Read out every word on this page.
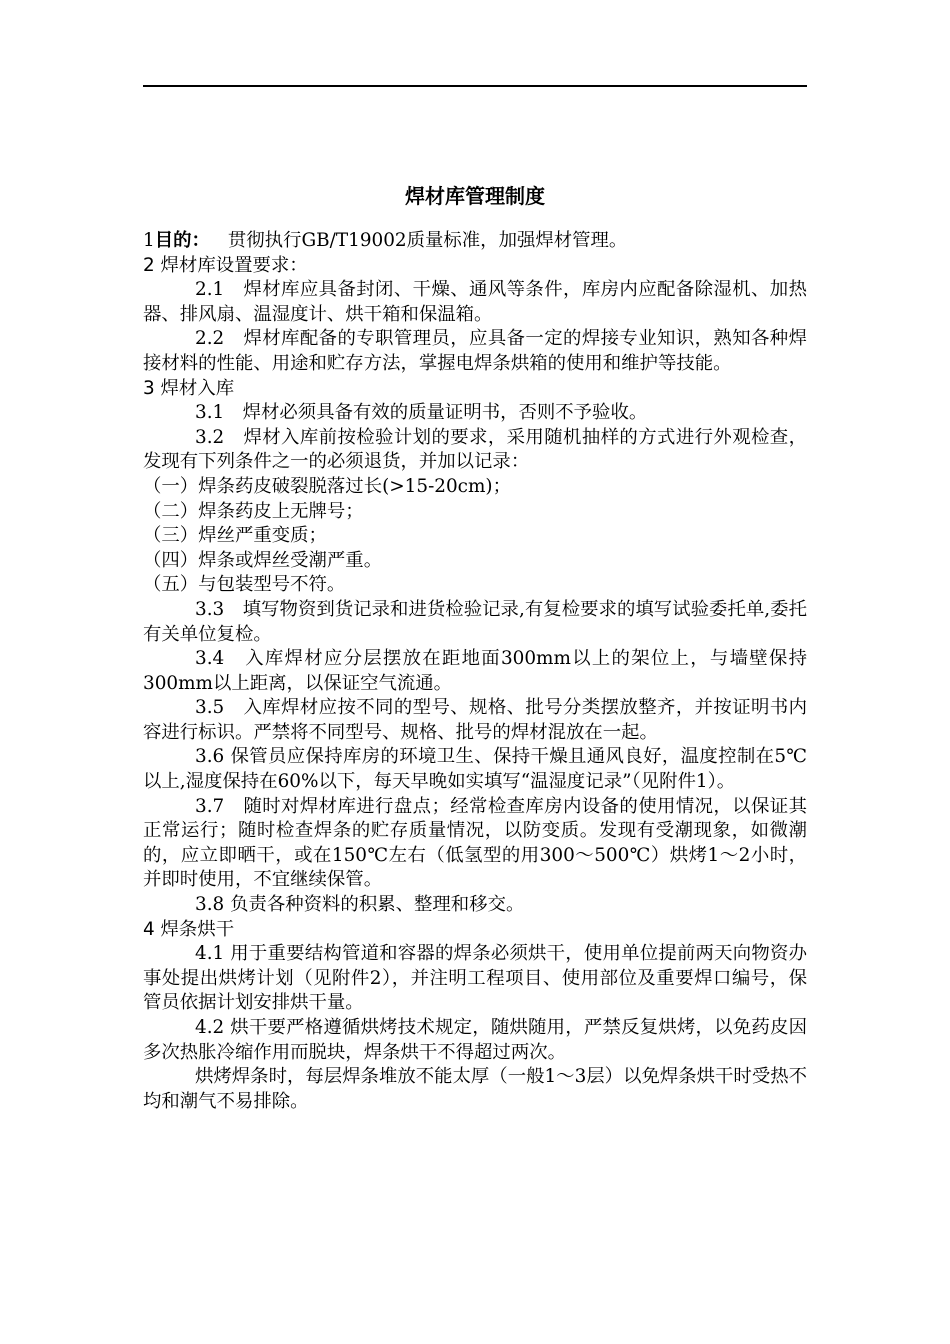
焊材库管理制度

1目的： 贯彻执行GB/T19002质量标准，加强焊材管理。

2 焊材库设置要求：

2.1　焊材库应具备封闭、干燥、通风等条件，库房内应配备除湿机、加热器、排风扇、温湿度计、烘干箱和保温箱。

2.2　焊材库配备的专职管理员，应具备一定的焊接专业知识，熟知各种焊接材料的性能、用途和贮存方法，掌握电焊条烘箱的使用和维护等技能。

3 焊材入库

3.1　焊材必须具备有效的质量证明书，否则不予验收。

3.2　焊材入库前按检验计划的要求，采用随机抽样的方式进行外观检查，发现有下列条件之一的必须退货，并加以记录：

（一）焊条药皮破裂脱落过长(>15-20cm)；

（二）焊条药皮上无牌号；

（三）焊丝严重变质；

（四）焊条或焊丝受潮严重。

（五）与包装型号不符。

3.3　填写物资到货记录和进货检验记录,有复检要求的填写试验委托单,委托有关单位复检。

3.4　入库焊材应分层摆放在距地面300mm以上的架位上，与墙壁保持 300mm以上距离，以保证空气流通。

3.5　入库焊材应按不同的型号、规格、批号分类摆放整齐，并按证明书内容进行标识。严禁将不同型号、规格、批号的焊材混放在一起。

3.6 保管员应保持库房的环境卫生、保持干燥且通风良好，温度控制在5℃以上,湿度保持在60%以下，每天早晚如实填写“温湿度记录”（见附件1）。

3.7　随时对焊材库进行盘点；经常检查库房内设备的使用情况，以保证其正常运行；随时检查焊条的贮存质量情况，以防变质。发现有受潮现象，如微潮的，应立即晒干，或在150℃左右（低氢型的用300～500℃）烘烤1～2小时，并即时使用，不宜继续保管。

3.8 负责各种资料的积累、整理和移交。

4 焊条烘干

4.1 用于重要结构管道和容器的焊条必须烘干，使用单位提前两天向物资办事处提出烘烤计划（见附件2），并注明工程项目、使用部位及重要焊口编号，保管员依据计划安排烘干量。

4.2 烘干要严格遵循烘烤技术规定，随烘随用，严禁反复烘烤，以免药皮因多次热胀冷缩作用而脱块，焊条烘干不得超过两次。

烘烤焊条时，每层焊条堆放不能太厚（一般1～3层）以免焊条烘干时受热不均和潮气不易排除。
